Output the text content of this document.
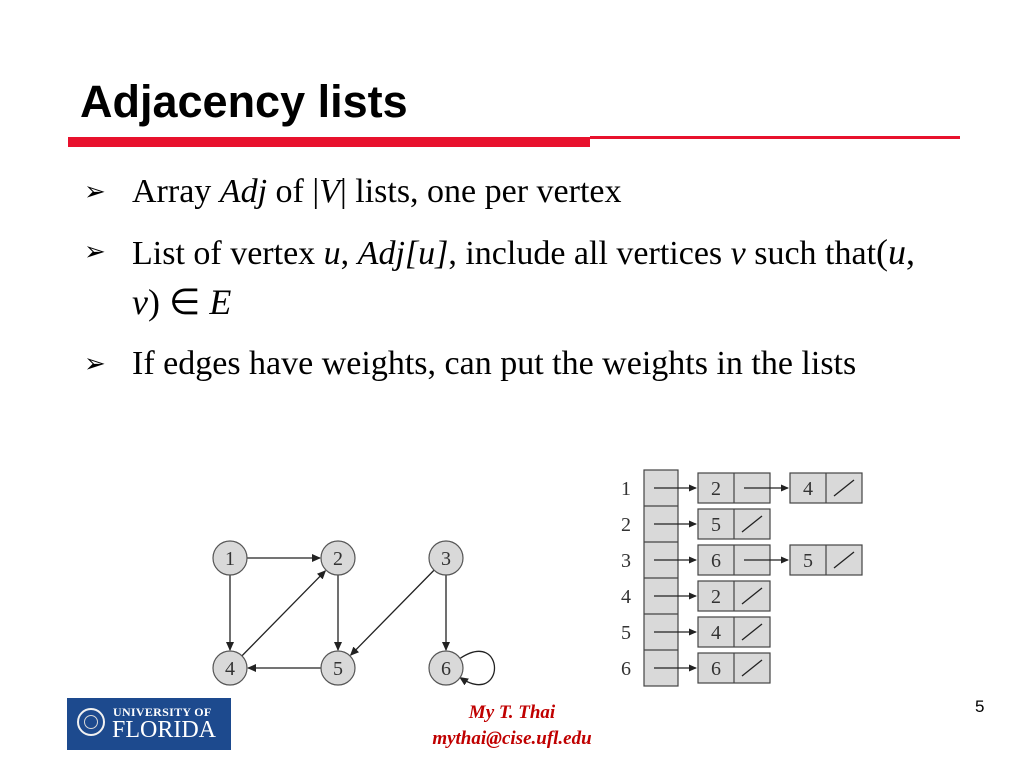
Adjacency lists
➢ Array Adj of |V| lists, one per vertex
➢ List of vertex u, Adj[u], include all vertices v such that(u, v) ∈ E
➢ If edges have weights, can put the weights in the lists
1	2	3
4	5	6
1	2	4
2	5
3	6	5
4	2
5	4
6	6
UNIVERSITY OF
FLORIDA
My T. Thai
mythai@cise.ufl.edu
5
